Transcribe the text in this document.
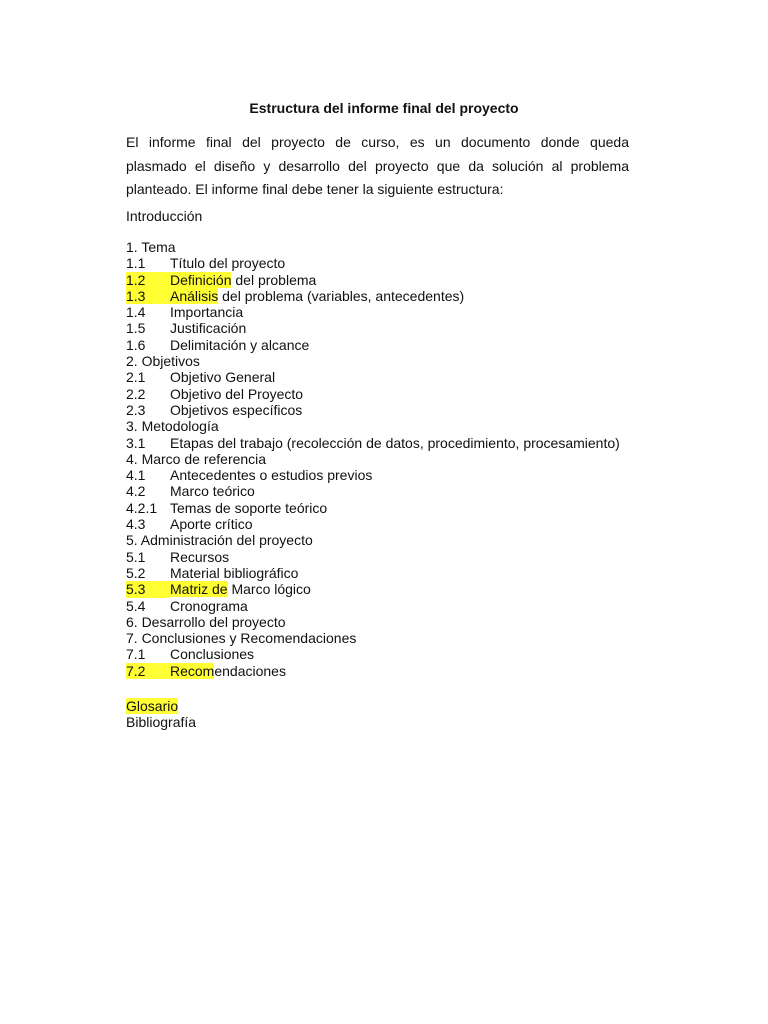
Estructura del informe final del proyecto
El informe final del proyecto de curso, es un documento donde queda
plasmado el diseño y desarrollo del proyecto que da solución al problema
planteado. El informe final debe tener la siguiente estructura:
Introducción
1. Tema
1.1 Título del proyecto
1.2 Definición del problema
1.3 Análisis del problema (variables, antecedentes)
1.4 Importancia
1.5 Justificación
1.6 Delimitación y alcance
2. Objetivos
2.1 Objetivo General
2.2 Objetivo del Proyecto
2.3 Objetivos específicos
3. Metodología
3.1 Etapas del trabajo (recolección de datos, procedimiento, procesamiento)
4. Marco de referencia
4.1 Antecedentes o estudios previos
4.2 Marco teórico
4.2.1 Temas de soporte teórico
4.3 Aporte crítico
5. Administración del proyecto
5.1 Recursos
5.2 Material bibliográfico
5.3 Matriz de Marco lógico
5.4 Cronograma
6. Desarrollo del proyecto
7. Conclusiones y Recomendaciones
7.1 Conclusiones
7.2 Recomendaciones
Glosario
Bibliografía
